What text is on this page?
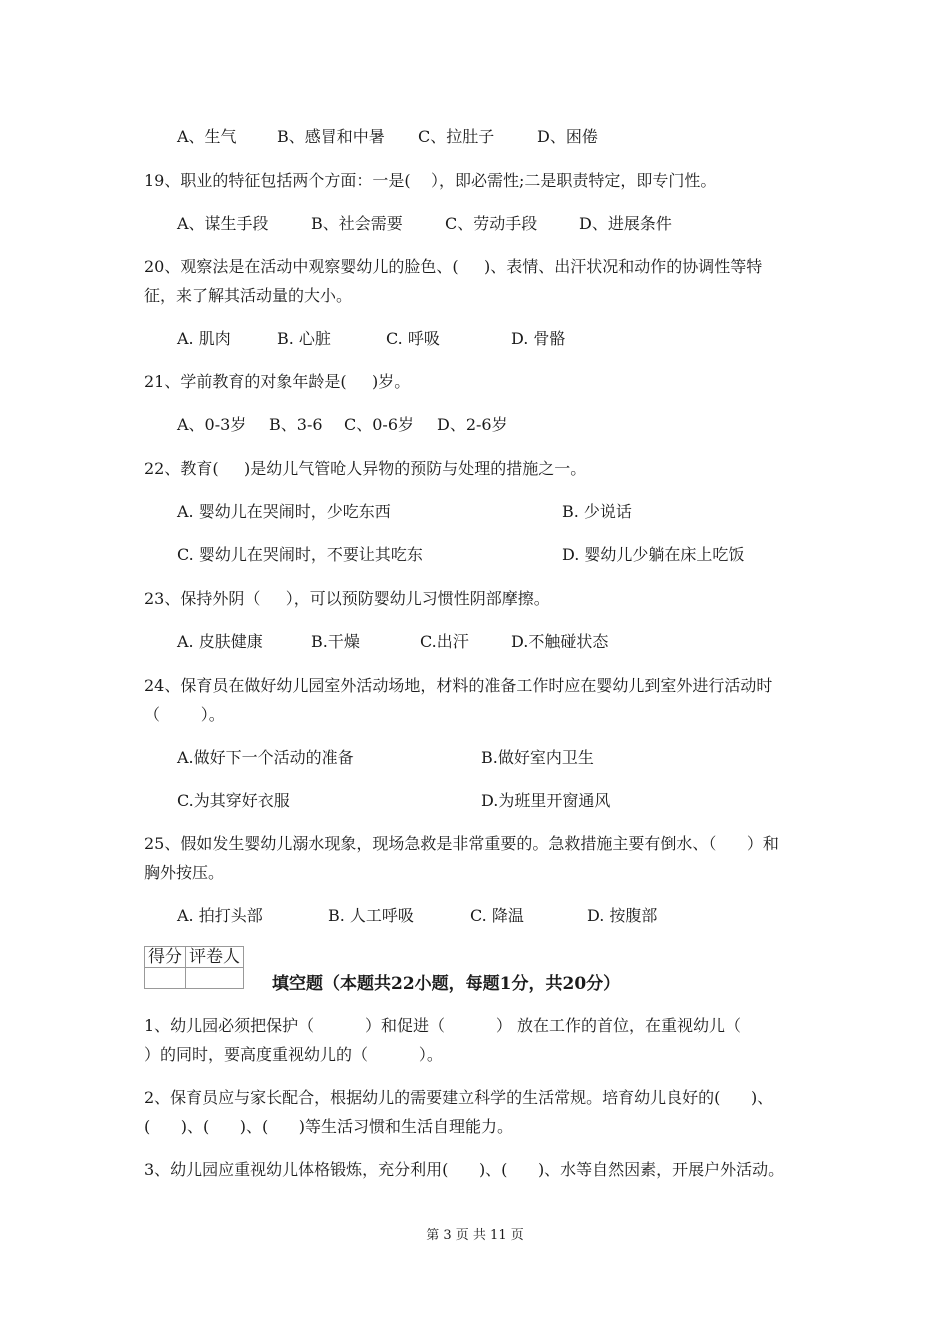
A、生气	B、感冒和中暑 C、拉肚子	D、困倦
19、职业的特征包括两个方面：一是(    ），即必需性;二是职责特定，即专门性。
A、谋生手段	B、社会需要	C、劳动手段	D、进展条件
20、观察法是在活动中观察婴幼儿的脸色、(     )、表情、出汗状况和动作的协调性等特
征，来了解其活动量的大小。
A. 肌肉	B. 心脏	C. 呼吸	D. 骨骼
21、学前教育的对象年龄是(     )岁。
A、0-3岁 B、3-6 C、0-6岁 D、2-6岁
22、教育(     )是幼儿气管呛人异物的预防与处理的措施之一。
A. 婴幼儿在哭闹时，少吃东西	B. 少说话
C. 婴幼儿在哭闹时，不要让其吃东	D. 婴幼儿少躺在床上吃饭
23、保持外阴（     ），可以预防婴幼儿习惯性阴部摩擦。
A. 皮肤健康	B.干燥	C.出汗	D.不触碰状态
24、保育员在做好幼儿园室外活动场地，材料的准备工作时应在婴幼儿到室外进行活动时
（        ）。
A.做好下一个活动的准备	B.做好室内卫生
C.为其穿好衣服	D.为班里开窗通风
25、假如发生婴幼儿溺水现象，现场急救是非常重要的。急救措施主要有倒水、（      ）和
胸外按压。
A. 拍打头部	B. 人工呼吸	C. 降温	D. 按腹部
得分	评卷人

填空题（本题共22小题，每题1分，共20分）
1、幼儿园必须把保护（          ）和促进（          ） 放在工作的首位，在重视幼儿（
）的同时，要高度重视幼儿的（          ）。
2、保育员应与家长配合，根据幼儿的需要建立科学的生活常规。培育幼儿良好的(      )、
(      )、(      )、(      )等生活习惯和生活自理能力。
3、幼儿园应重视幼儿体格锻炼，充分利用(      )、(      )、水等自然因素，开展户外活动。
第 3 页 共 11 页
